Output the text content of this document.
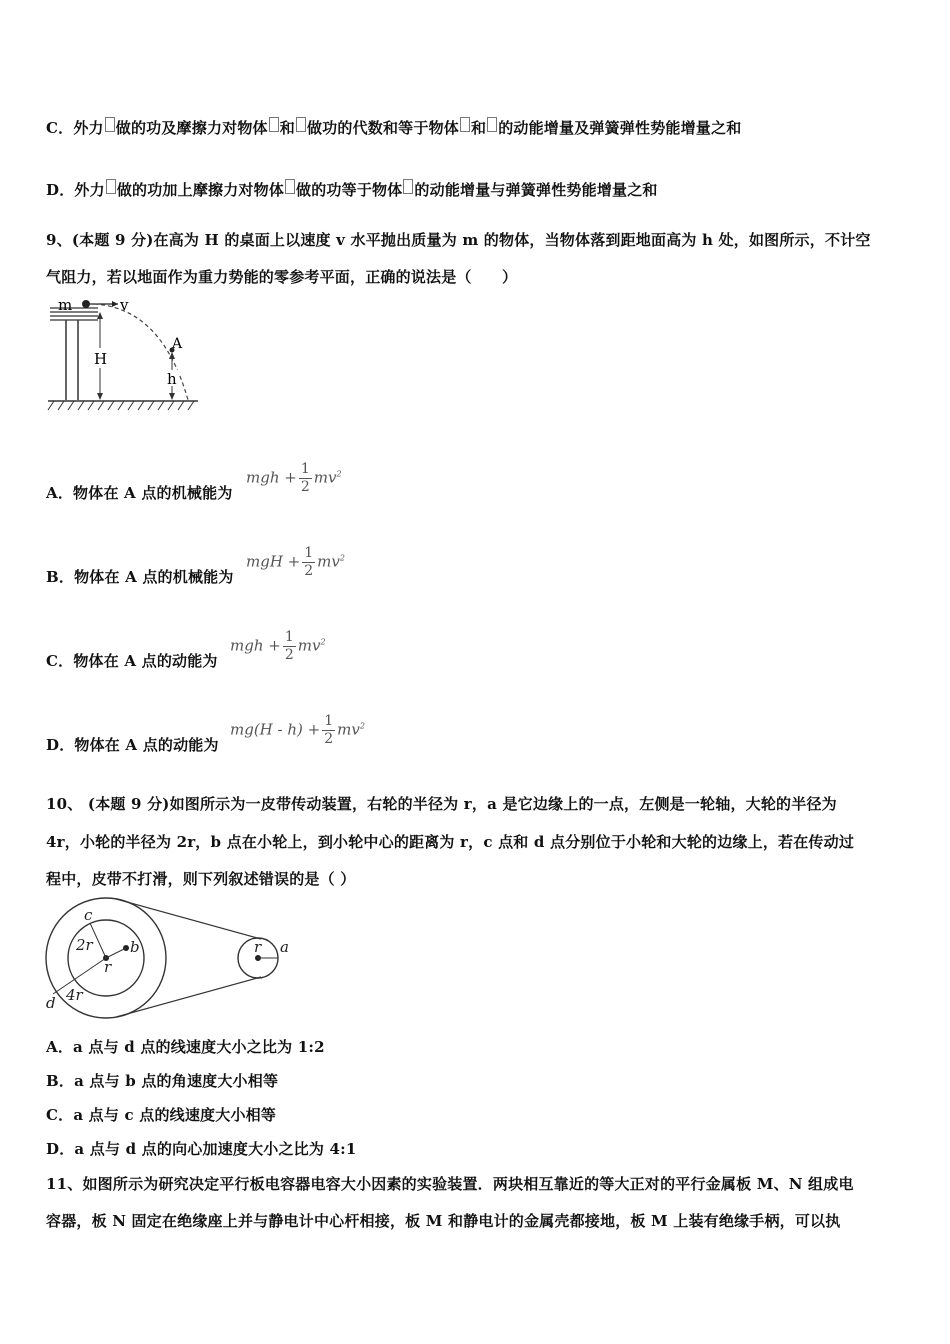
C．外力 做的功及摩擦力对物体 和 做功的代数和等于物体 和 的动能增量及弹簧弹性势能增量之和
D．外力 做的功加上摩擦力对物体 做的功等于物体 的动能增量与弹簧弹性势能增量之和
9、(本题 9 分)在高为 H 的桌面上以速度 v 水平抛出质量为 m 的物体，当物体落到距地面高为 h 处，如图所示，不计空
气阻力，若以地面作为重力势能的零参考平面，正确的说法是（　　）
m	v
H
A
h
A．物体在 A 点的机械能为
mgh + $\frac{1}{2} mv^2$
B．物体在 A 点的机械能为
mgH + $\frac{1}{2} mv^2$
C．物体在 A 点的动能为
mgh + $\frac{1}{2} mv^2$
D．物体在 A 点的动能为
$mg(H - h) + \frac{1}{2} mv^2$
10、 (本题 9 分)如图所示为一皮带传动装置，右轮的半径为 r，a 是它边缘上的一点，左侧是一轮轴，大轮的半径为
4r，小轮的半径为 2r，b 点在小轮上，到小轮中心的距离为 r，c 点和 d 点分别位于小轮和大轮的边缘上，若在传动过
程中，皮带不打滑，则下列叙述错误的是（ ）
c
2r b
r
d 4r
r a
A．a 点与 d 点的线速度大小之比为 1:2
B．a 点与 b 点的角速度大小相等
C．a 点与 c 点的线速度大小相等
D．a 点与 d 点的向心加速度大小之比为 4:1
11、如图所示为研究决定平行板电容器电容大小因素的实验装置．两块相互靠近的等大正对的平行金属板 M、N 组成电
容器，板 N 固定在绝缘座上并与静电计中心杆相接，板 M 和静电计的金属壳都接地，板 M 上装有绝缘手柄，可以执
